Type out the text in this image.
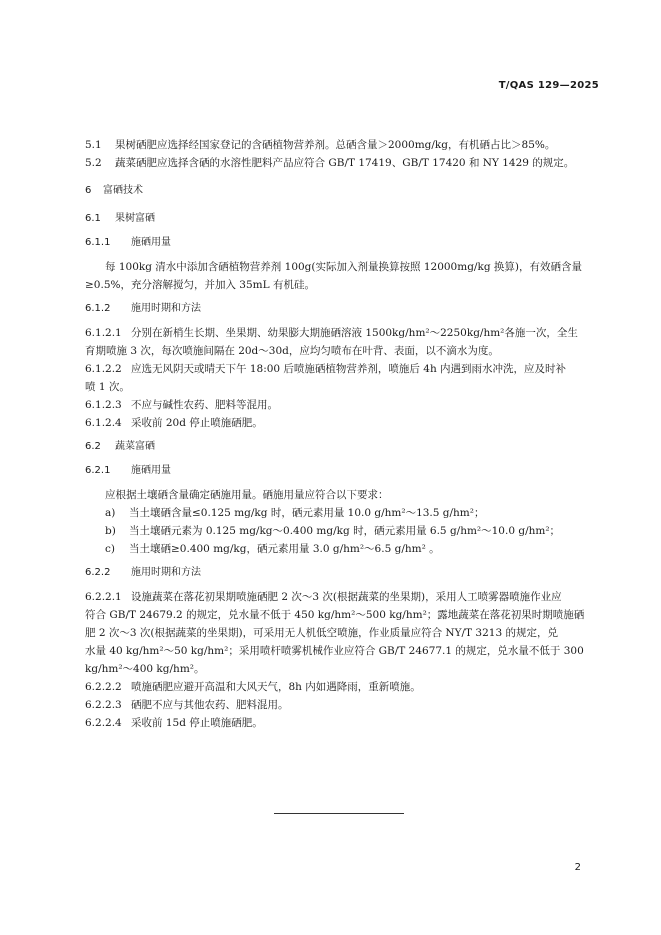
T/QAS 129—2025
5.1 果树硒肥应选择经国家登记的含硒植物营养剂。总硒含量＞2000mg/kg，有机硒占比＞85%。
5.2 蔬菜硒肥应选择含硒的水溶性肥料产品应符合 GB/T 17419、GB/T 17420 和 NY 1429 的规定。
6 富硒技术
6.1 果树富硒
6.1.1 施硒用量
每 100kg 清水中添加含硒植物营养剂 100g(实际加入剂量换算按照 12000mg/kg 换算)，有效硒含量
≥0.5%，充分溶解搅匀，并加入 35mL 有机硅。
6.1.2 施用时期和方法
6.1.2.1 分别在新梢生长期、坐果期、幼果膨大期施硒溶液 1500kg/hm²～2250kg/hm²各施一次，全生
育期喷施 3 次，每次喷施间隔在 20d～30d，应均匀喷布在叶背、表面，以不滴水为度。
6.1.2.2 应选无风阴天或晴天下午 18:00 后喷施硒植物营养剂，喷施后 4h 内遇到雨水冲洗，应及时补
喷 1 次。
6.1.2.3 不应与碱性农药、肥料等混用。
6.1.2.4 采收前 20d 停止喷施硒肥。
6.2 蔬菜富硒
6.2.1 施硒用量
应根据土壤硒含量确定硒施用量。硒施用量应符合以下要求：
a) 当土壤硒含量≤0.125 mg/kg 时，硒元素用量 10.0 g/hm²～13.5 g/hm²；
b) 当土壤硒元素为 0.125 mg/kg～0.400 mg/kg 时，硒元素用量 6.5 g/hm²～10.0 g/hm²；
c) 当土壤硒≥0.400 mg/kg，硒元素用量 3.0 g/hm²～6.5 g/hm² 。
6.2.2 施用时期和方法
6.2.2.1 设施蔬菜在落花初果期喷施硒肥 2 次～3 次(根据蔬菜的坐果期)，采用人工喷雾器喷施作业应
符合 GB/T 24679.2 的规定，兑水量不低于 450 kg/hm²～500 kg/hm²；露地蔬菜在落花初果时期喷施硒
肥 2 次～3 次(根据蔬菜的坐果期)，可采用无人机低空喷施，作业质量应符合 NY/T 3213 的规定，兑
水量 40 kg/hm²～50 kg/hm²；采用喷杆喷雾机械作业应符合 GB/T 24677.1 的规定，兑水量不低于 300
kg/hm²～400 kg/hm²。
6.2.2.2 喷施硒肥应避开高温和大风天气，8h 内如遇降雨，重新喷施。
6.2.2.3 硒肥不应与其他农药、肥料混用。
6.2.2.4 采收前 15d 停止喷施硒肥。
2
